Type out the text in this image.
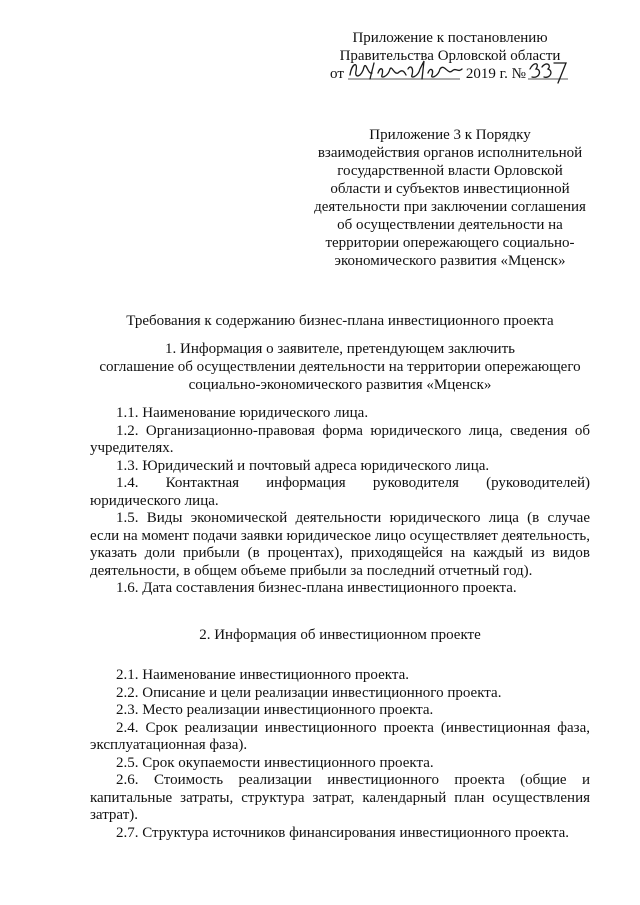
Приложение к постановлению
Правительства Орловской области
от	2019 г. №
Приложение 3 к Порядку
взаимодействия органов исполнительной
государственной власти Орловской
области и субъектов инвестиционной
деятельности при заключении соглашения
об осуществлении деятельности на
территории опережающего социально-
экономического развития «Мценск»
Требования к содержанию бизнес-плана инвестиционного проекта
1. Информация о заявителе, претендующем заключить
соглашение об осуществлении деятельности на территории опережающего
социально-экономического развития «Мценск»

1.1. Наименование юридического лица.

1.2. Организационно-правовая форма юридического лица, сведения об учредителях.

1.3. Юридический и почтовый адреса юридического лица.

1.4. Контактная информация руководителя (руководителей) юридического лица.

1.5. Виды экономической деятельности юридического лица (в случае если на момент подачи заявки юридическое лицо осуществляет деятельность, указать доли прибыли (в процентах), приходящейся на каждый из видов деятельности, в общем объеме прибыли за последний отчетный год).

1.6. Дата составления бизнес-плана инвестиционного проекта.

2. Информация об инвестиционном проекте

2.1. Наименование инвестиционного проекта.

2.2. Описание и цели реализации инвестиционного проекта.

2.3. Место реализации инвестиционного проекта.

2.4. Срок реализации инвестиционного проекта (инвестиционная фаза, эксплуатационная фаза).

2.5. Срок окупаемости инвестиционного проекта.

2.6. Стоимость реализации инвестиционного проекта (общие и капитальные затраты, структура затрат, календарный план осуществления затрат).

2.7. Структура источников финансирования инвестиционного проекта.
